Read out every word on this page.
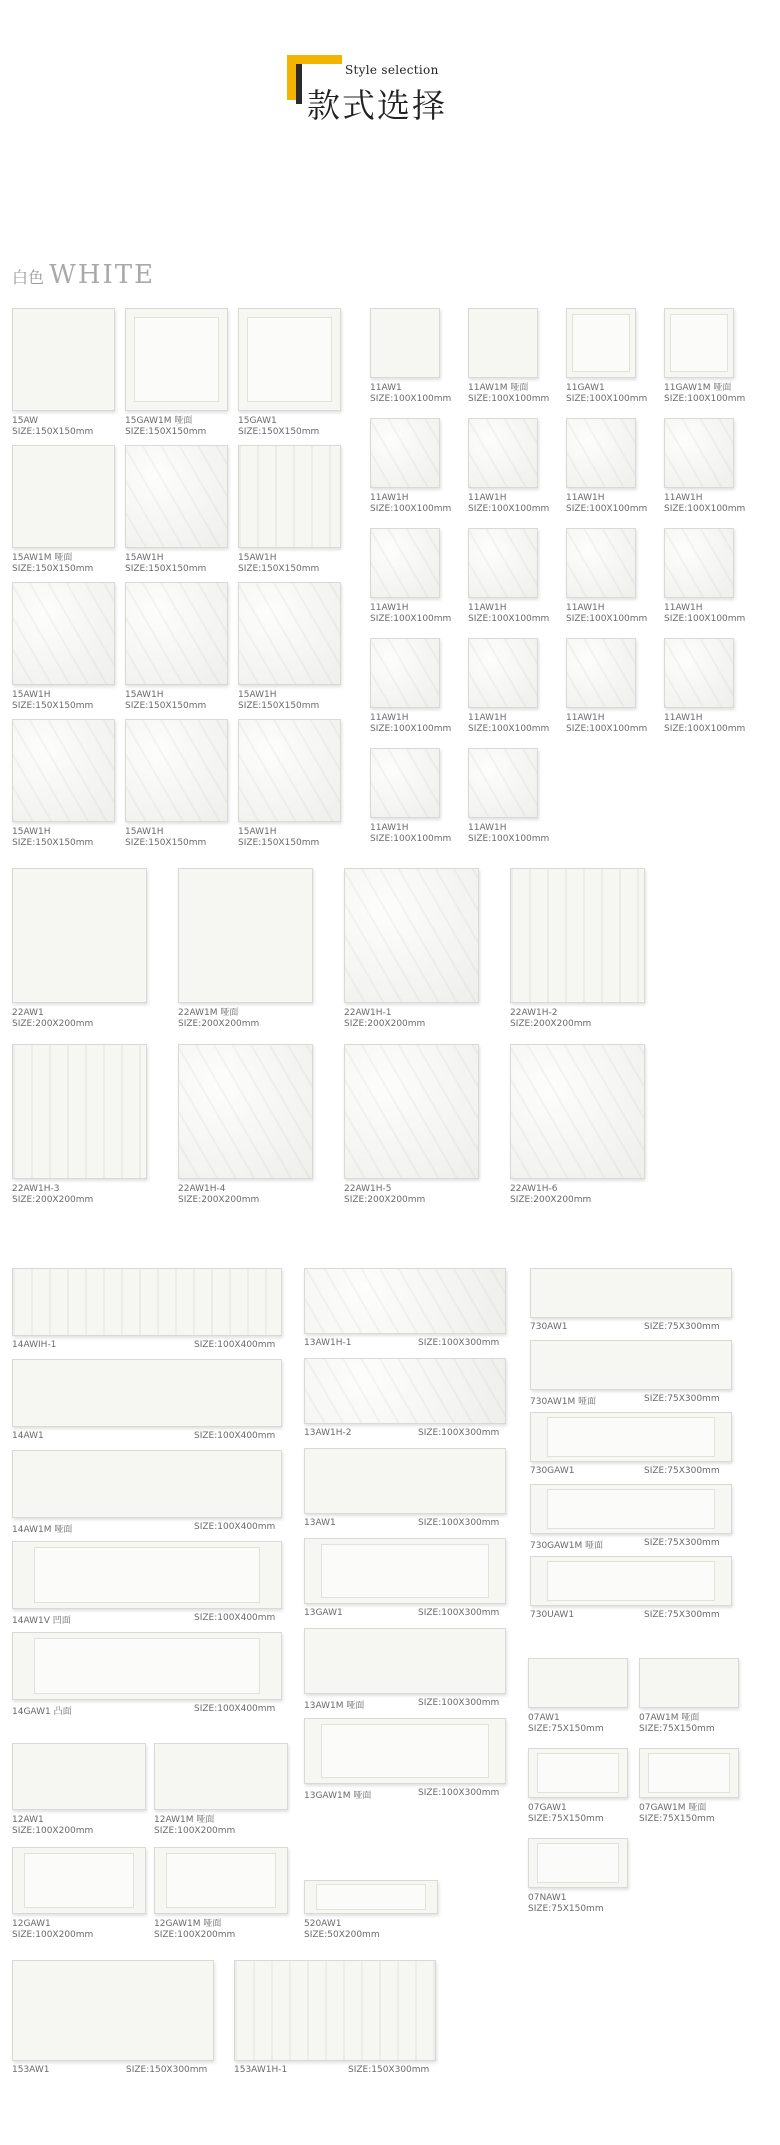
Style selection
款式选择
白色 WHITE
15AW
SIZE:150X150mm
15GAW1M 哑面
SIZE:150X150mm
15GAW1
SIZE:150X150mm
15AW1M 哑面
SIZE:150X150mm
15AW1H
SIZE:150X150mm
15AW1H
SIZE:150X150mm
15AW1H
SIZE:150X150mm
15AW1H
SIZE:150X150mm
15AW1H
SIZE:150X150mm
15AW1H
SIZE:150X150mm
15AW1H
SIZE:150X150mm
15AW1H
SIZE:150X150mm
11AW1
SIZE:100X100mm
11AW1M 哑面
SIZE:100X100mm
11GAW1
SIZE:100X100mm
11GAW1M 哑面
SIZE:100X100mm
11AW1H
SIZE:100X100mm
11AW1H
SIZE:100X100mm
11AW1H
SIZE:100X100mm
11AW1H
SIZE:100X100mm
11AW1H
SIZE:100X100mm
11AW1H
SIZE:100X100mm
11AW1H
SIZE:100X100mm
11AW1H
SIZE:100X100mm
11AW1H
SIZE:100X100mm
11AW1H
SIZE:100X100mm
11AW1H
SIZE:100X100mm
11AW1H
SIZE:100X100mm
11AW1H
SIZE:100X100mm
11AW1H
SIZE:100X100mm
22AW1
SIZE:200X200mm
22AW1M 哑面
SIZE:200X200mm
22AW1H-1
SIZE:200X200mm
22AW1H-2
SIZE:200X200mm
22AW1H-3
SIZE:200X200mm
22AW1H-4
SIZE:200X200mm
22AW1H-5
SIZE:200X200mm
22AW1H-6
SIZE:200X200mm
14AWIH-1	SIZE:100X400mm
14AW1	SIZE:100X400mm
14AW1M 哑面	SIZE:100X400mm
14AW1V 凹面	SIZE:100X400mm
14GAW1 凸面	SIZE:100X400mm
13AW1H-1	SIZE:100X300mm
13AW1H-2	SIZE:100X300mm
13AW1	SIZE:100X300mm
13GAW1	SIZE:100X300mm
13AW1M 哑面	SIZE:100X300mm
13GAW1M 哑面	SIZE:100X300mm
730AW1	SIZE:75X300mm
730AW1M 哑面	SIZE:75X300mm
730GAW1	SIZE:75X300mm
730GAW1M 哑面	SIZE:75X300mm
730UAW1	SIZE:75X300mm
07AW1
SIZE:75X150mm
07AW1M 哑面
SIZE:75X150mm
07GAW1
SIZE:75X150mm
07GAW1M 哑面
SIZE:75X150mm
07NAW1
SIZE:75X150mm
12AW1
SIZE:100X200mm
12AW1M 哑面
SIZE:100X200mm
12GAW1
SIZE:100X200mm
12GAW1M 哑面
SIZE:100X200mm
520AW1
SIZE:50X200mm
153AW1	SIZE:150X300mm	153AW1H-1	SIZE:150X300mm
